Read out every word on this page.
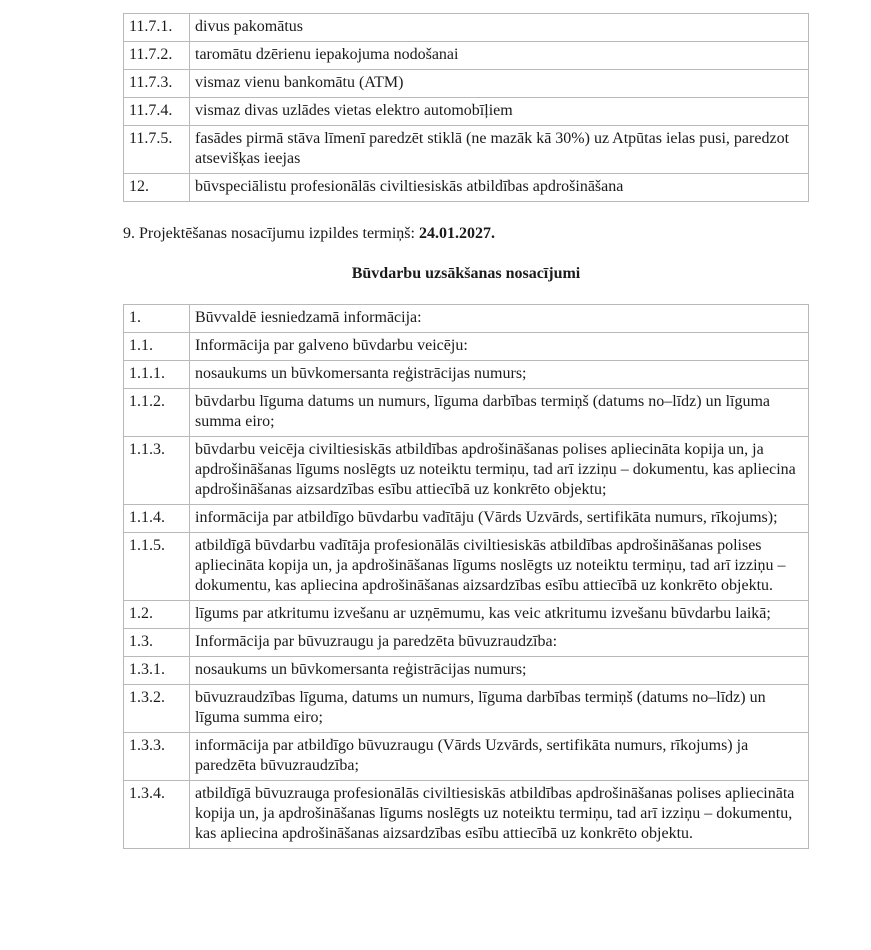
11.7.1.	divus pakomātus
11.7.2.	taromātu dzērienu iepakojuma nodošanai
11.7.3.	vismaz vienu bankomātu (ATM)
11.7.4.	vismaz divas uzlādes vietas elektro automobīļiem
11.7.5.	fasādes pirmā stāva līmenī paredzēt stiklā (ne mazāk kā 30%) uz Atpūtas ielas pusi, paredzot atsevišķas ieejas
12.	būvspeciālistu profesionālās civiltiesiskās atbildības apdrošināšana
9. Projektēšanas nosacījumu izpildes termiņš: 24.01.2027.
Būvdarbu uzsākšanas nosacījumi
1.	Būvvaldē iesniedzamā informācija:
1.1.	Informācija par galveno būvdarbu veicēju:
1.1.1.	nosaukums un būvkomersanta reģistrācijas numurs;
1.1.2.	būvdarbu līguma datums un numurs, līguma darbības termiņš (datums no–līdz) un līguma summa eiro;
1.1.3.	būvdarbu veicēja civiltiesiskās atbildības apdrošināšanas polises apliecināta kopija un, ja apdrošināšanas līgums noslēgts uz noteiktu termiņu, tad arī izziņu – dokumentu, kas apliecina apdrošināšanas aizsardzības esību attiecībā uz konkrēto objektu;
1.1.4.	informācija par atbildīgo būvdarbu vadītāju (Vārds Uzvārds, sertifikāta numurs, rīkojums);
1.1.5.	atbildīgā būvdarbu vadītāja profesionālās civiltiesiskās atbildības apdrošināšanas polises apliecināta kopija un, ja apdrošināšanas līgums noslēgts uz noteiktu termiņu, tad arī izziņu – dokumentu, kas apliecina apdrošināšanas aizsardzības esību attiecībā uz konkrēto objektu.
1.2.	līgums par atkritumu izvešanu ar uzņēmumu, kas veic atkritumu izvešanu būvdarbu laikā;
1.3.	Informācija par būvuzraugu ja paredzēta būvuzraudzība:
1.3.1.	nosaukums un būvkomersanta reģistrācijas numurs;
1.3.2.	būvuzraudzības līguma, datums un numurs, līguma darbības termiņš (datums no–līdz) un līguma summa eiro;
1.3.3.	informācija par atbildīgo būvuzraugu (Vārds Uzvārds, sertifikāta numurs, rīkojums) ja paredzēta būvuzraudzība;
1.3.4.	atbildīgā būvuzrauga profesionālās civiltiesiskās atbildības apdrošināšanas polises apliecināta kopija un, ja apdrošināšanas līgums noslēgts uz noteiktu termiņu, tad arī izziņu – dokumentu, kas apliecina apdrošināšanas aizsardzības esību attiecībā uz konkrēto objektu.
